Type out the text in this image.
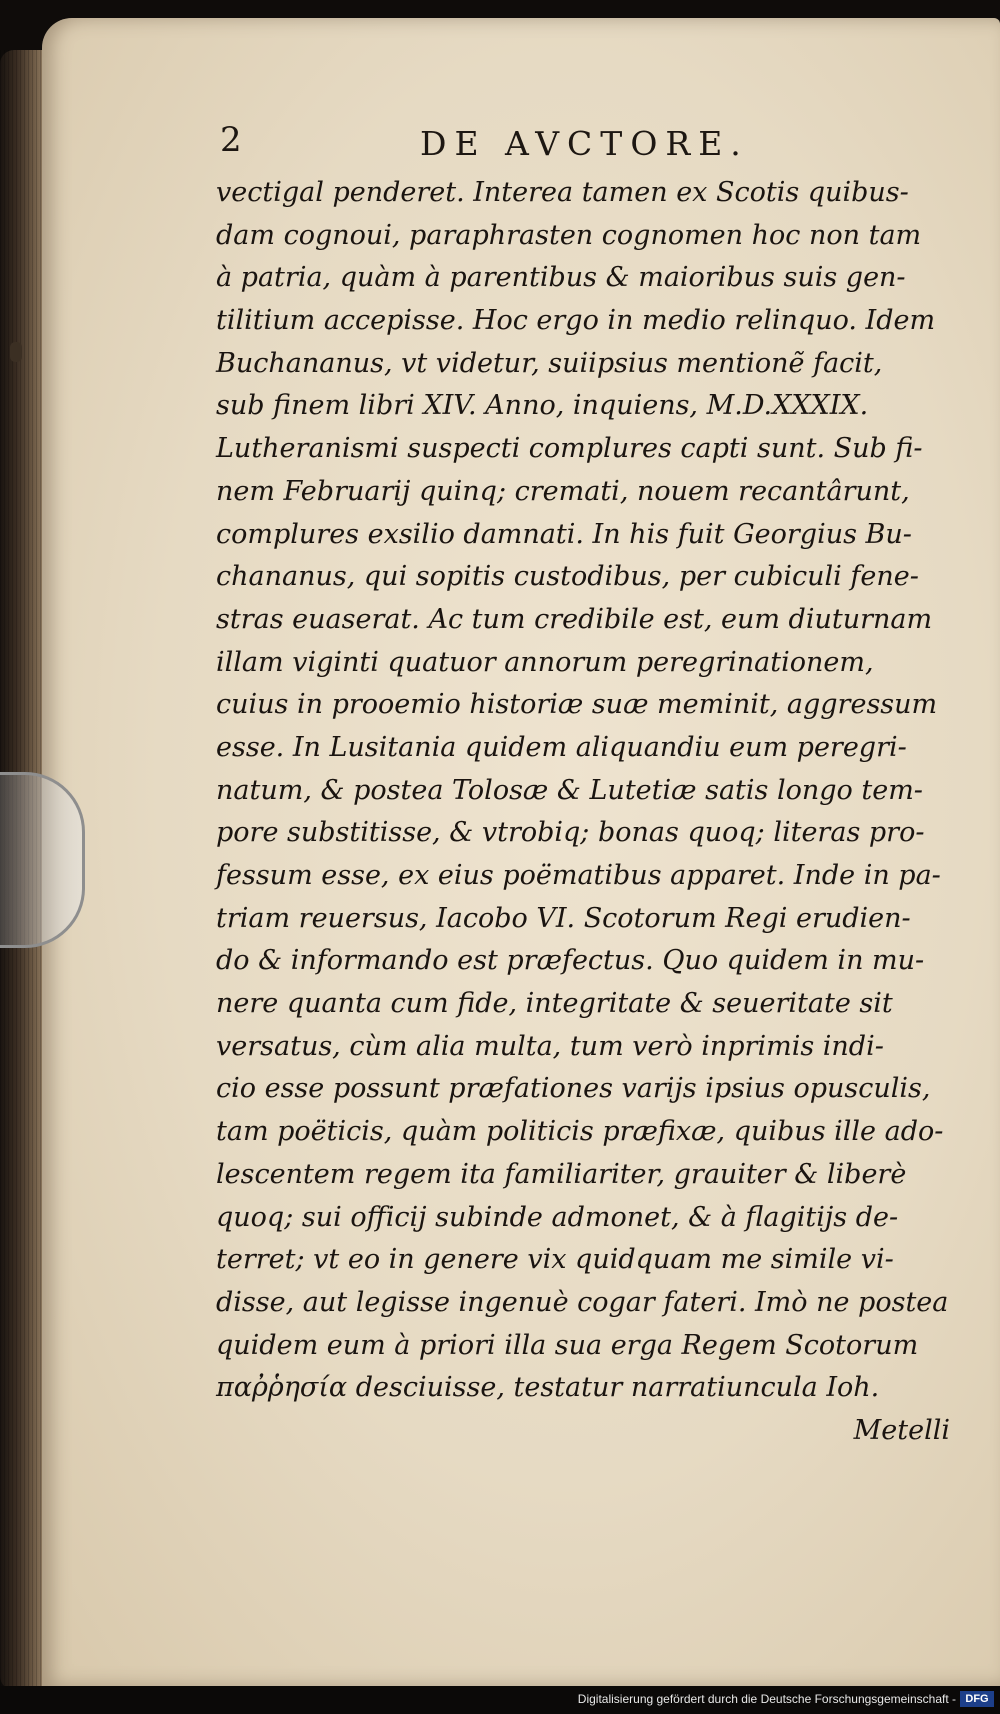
2	DE AVCTORE.
vectigal penderet. Interea tamen ex Scotis quibus-
dam cognoui, paraphrasten cognomen hoc non tam
à patria, quàm à parentibus & maioribus suis gen-
tilitium accepisse. Hoc ergo in medio relinquo. Idem
Buchananus, vt videtur, suiipsius mentionẽ facit,
sub finem libri XIV. Anno, inquiens, M.D.XXXIX.
Lutheranismi suspecti complures capti sunt. Sub fi-
nem Februarij quinq; cremati, nouem recantârunt,
complures exsilio damnati. In his fuit Georgius Bu-
chananus, qui sopitis custodibus, per cubiculi fene-
stras euaserat. Ac tum credibile est, eum diuturnam
illam viginti quatuor annorum peregrinationem,
cuius in prooemio historiæ suæ meminit, aggressum
esse. In Lusitania quidem aliquandiu eum peregri-
natum, & postea Tolosæ & Lutetiæ satis longo tem-
pore substitisse, & vtrobiq; bonas quoq; literas pro-
fessum esse, ex eius poëmatibus apparet. Inde in pa-
triam reuersus, Iacobo VI. Scotorum Regi erudien-
do & informando est præfectus. Quo quidem in mu-
nere quanta cum fide, integritate & seueritate sit
versatus, cùm alia multa, tum verò inprimis indi-
cio esse possunt præfationes varijs ipsius opusculis,
tam poëticis, quàm politicis præfixæ, quibus ille ado-
lescentem regem ita familiariter, grauiter & liberè
quoq; sui officij subinde admonet, & à flagitijs de-
terret; vt eo in genere vix quidquam me simile vi-
disse, aut legisse ingenuè cogar fateri. Imò ne postea
quidem eum à priori illa sua erga Regem Scotorum
παῤῥησία desciuisse, testatur narratiuncula Ioh.
Metelli
Digitalisierung gefördert durch die Deutsche Forschungsgemeinschaft - DFG
